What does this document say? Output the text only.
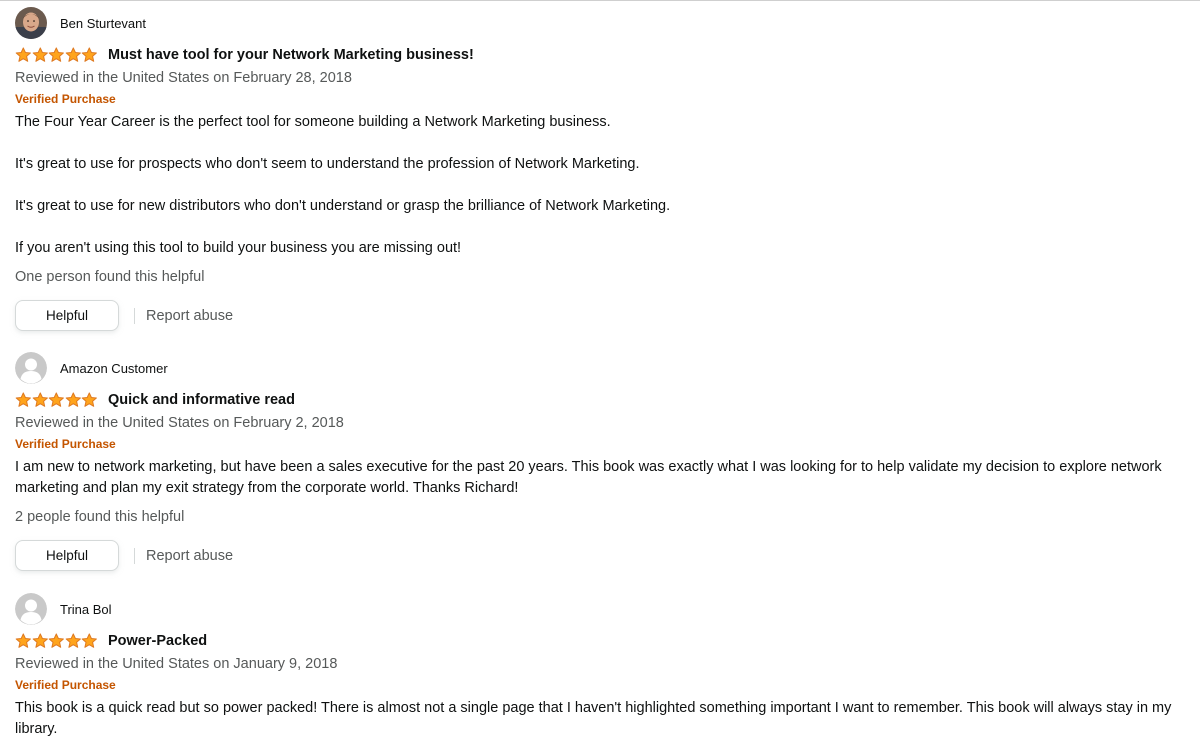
Ben Sturtevant
Must have tool for your Network Marketing business!
Reviewed in the United States on February 28, 2018
Verified Purchase

The Four Year Career is the perfect tool for someone building a Network Marketing business.

It's great to use for prospects who don't seem to understand the profession of Network Marketing.

It's great to use for new distributors who don't understand or grasp the brilliance of Network Marketing.

If you aren't using this tool to build your business you are missing out!

One person found this helpful
Helpful	Report abuse
Amazon Customer
Quick and informative read
Reviewed in the United States on February 2, 2018
Verified Purchase

I am new to network marketing, but have been a sales executive for the past 20 years. This book was exactly what I was looking for to help validate my decision to explore network marketing and plan my exit strategy from the corporate world. Thanks Richard!

2 people found this helpful
Helpful	Report abuse
Trina Bol
Power-Packed
Reviewed in the United States on January 9, 2018
Verified Purchase

This book is a quick read but so power packed! There is almost not a single page that I haven't highlighted something important I want to remember. This book will always stay in my library.
